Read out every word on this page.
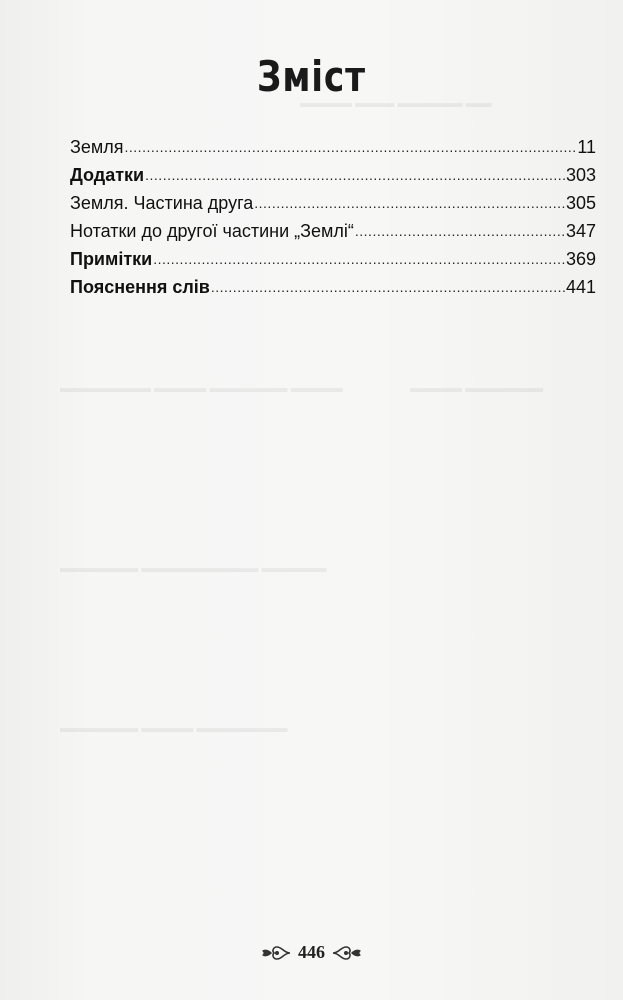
▬▬▬▬ ▬▬▬ ▬▬▬▬▬ ▬▬
▬▬▬▬▬▬▬ ▬▬▬▬ ▬▬▬▬▬▬ ▬▬▬▬
▬▬▬▬▬▬ ▬▬▬▬▬▬▬▬▬ ▬▬▬▬▬
▬▬▬▬ ▬▬▬▬▬▬
▬▬▬▬▬▬ ▬▬▬▬ ▬▬▬▬▬▬▬
Зміст
Земля .....	11
Додатки .....	303
Земля. Частина друга .....	305
Нотатки до другої частини „Землі“ .....	347
Примітки .....	369
Пояснення слів .....	441
446
